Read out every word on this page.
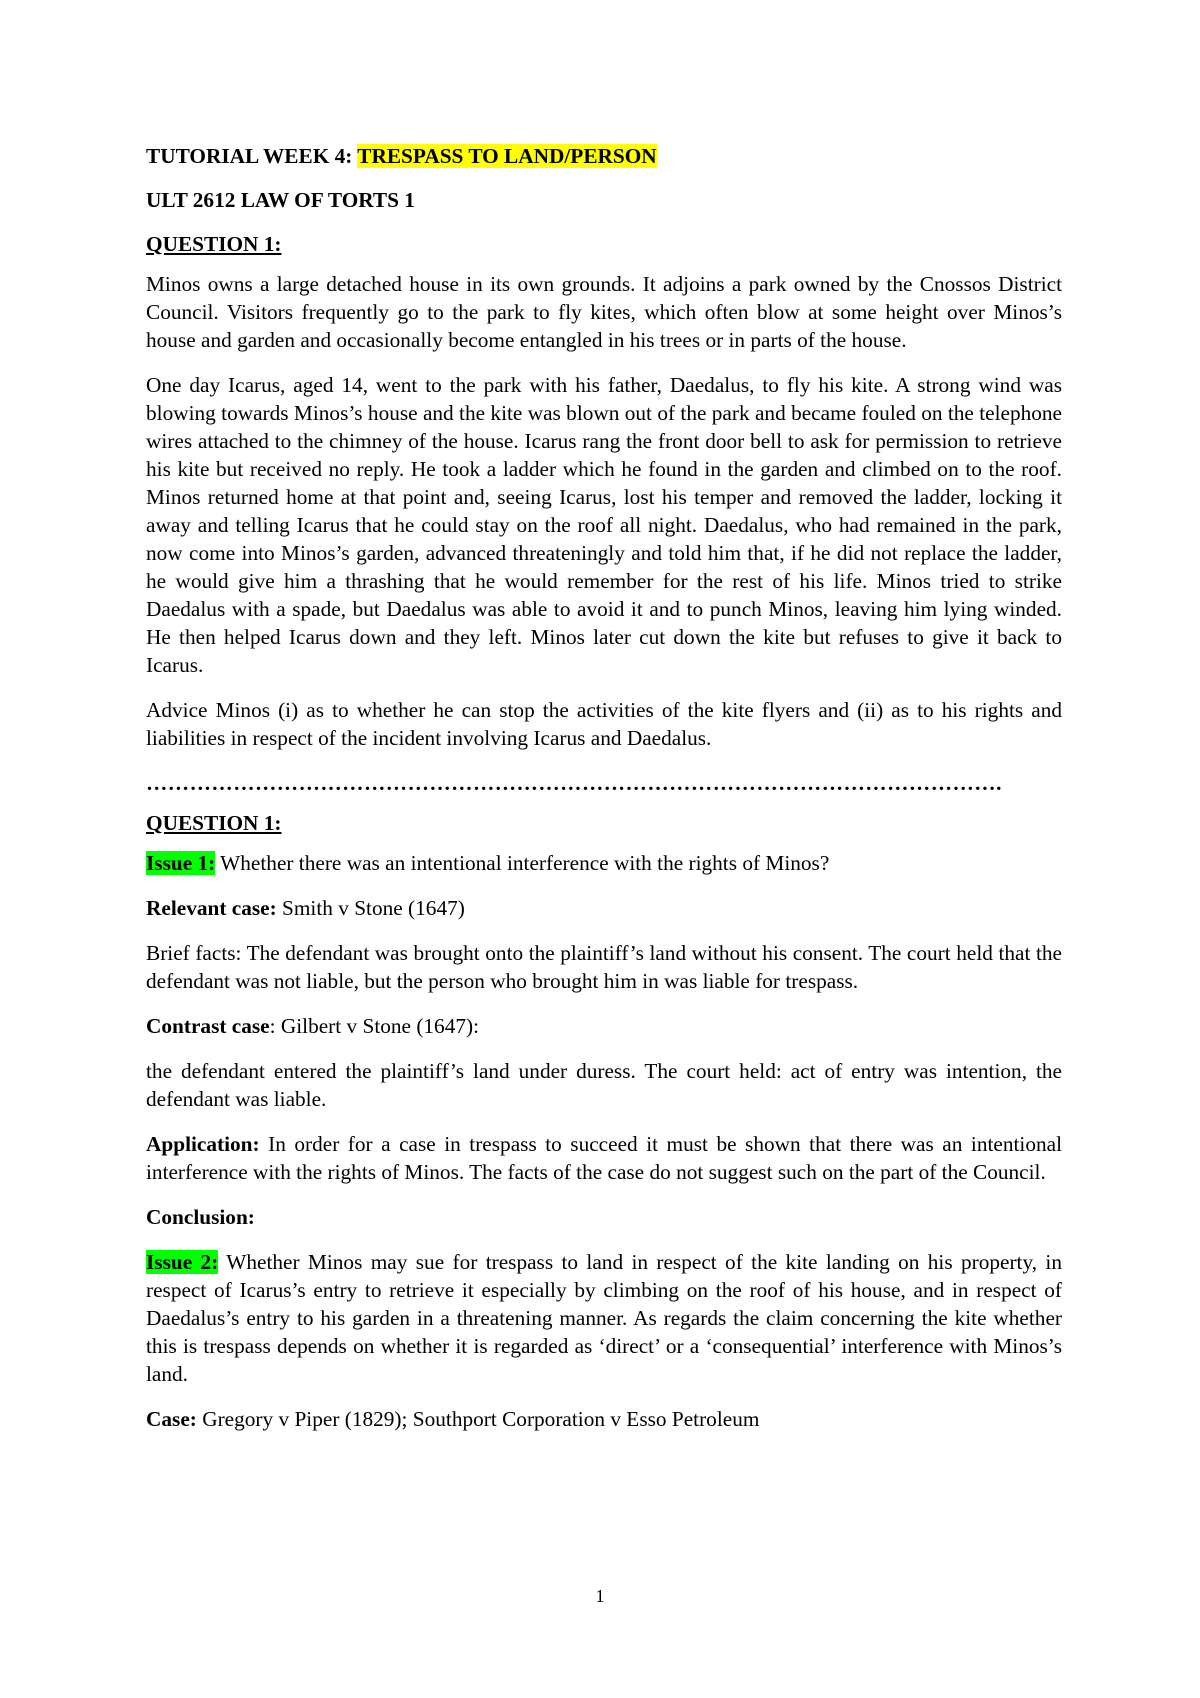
TUTORIAL WEEK 4: TRESPASS TO LAND/PERSON

ULT 2612 LAW OF TORTS 1

QUESTION 1:

Minos owns a large detached house in its own grounds. It adjoins a park owned by the Cnossos District Council. Visitors frequently go to the park to fly kites, which often blow at some height over Minos’s house and garden and occasionally become entangled in his trees or in parts of the house.

One day Icarus, aged 14, went to the park with his father, Daedalus, to fly his kite. A strong wind was blowing towards Minos’s house and the kite was blown out of the park and became fouled on the telephone wires attached to the chimney of the house. Icarus rang the front door bell to ask for permission to retrieve his kite but received no reply. He took a ladder which he found in the garden and climbed on to the roof. Minos returned home at that point and, seeing Icarus, lost his temper and removed the ladder, locking it away and telling Icarus that he could stay on the roof all night. Daedalus, who had remained in the park, now come into Minos’s garden, advanced threateningly and told him that, if he did not replace the ladder, he would give him a thrashing that he would remember for the rest of his life. Minos tried to strike Daedalus with a spade, but Daedalus was able to avoid it and to punch Minos, leaving him lying winded. He then helped Icarus down and they left. Minos later cut down the kite but refuses to give it back to Icarus.

Advice Minos (i) as to whether he can stop the activities of the kite flyers and (ii) as to his rights and liabilities in respect of the incident involving Icarus and Daedalus.

……………………………………………………………………………………………………….

QUESTION 1:

Issue 1: Whether there was an intentional interference with the rights of Minos?

Relevant case: Smith v Stone (1647)

Brief facts: The defendant was brought onto the plaintiff’s land without his consent. The court held that the defendant was not liable, but the person who brought him in was liable for trespass.

Contrast case: Gilbert v Stone (1647):

the defendant entered the plaintiff’s land under duress. The court held: act of entry was intention, the defendant was liable.

Application: In order for a case in trespass to succeed it must be shown that there was an intentional interference with the rights of Minos. The facts of the case do not suggest such on the part of the Council.

Conclusion:

Issue 2: Whether Minos may sue for trespass to land in respect of the kite landing on his property, in respect of Icarus’s entry to retrieve it especially by climbing on the roof of his house, and in respect of Daedalus’s entry to his garden in a threatening manner. As regards the claim concerning the kite whether this is trespass depends on whether it is regarded as ‘direct’ or a ‘consequential’ interference with Minos’s land.

Case: Gregory v Piper (1829); Southport Corporation v Esso Petroleum

1
